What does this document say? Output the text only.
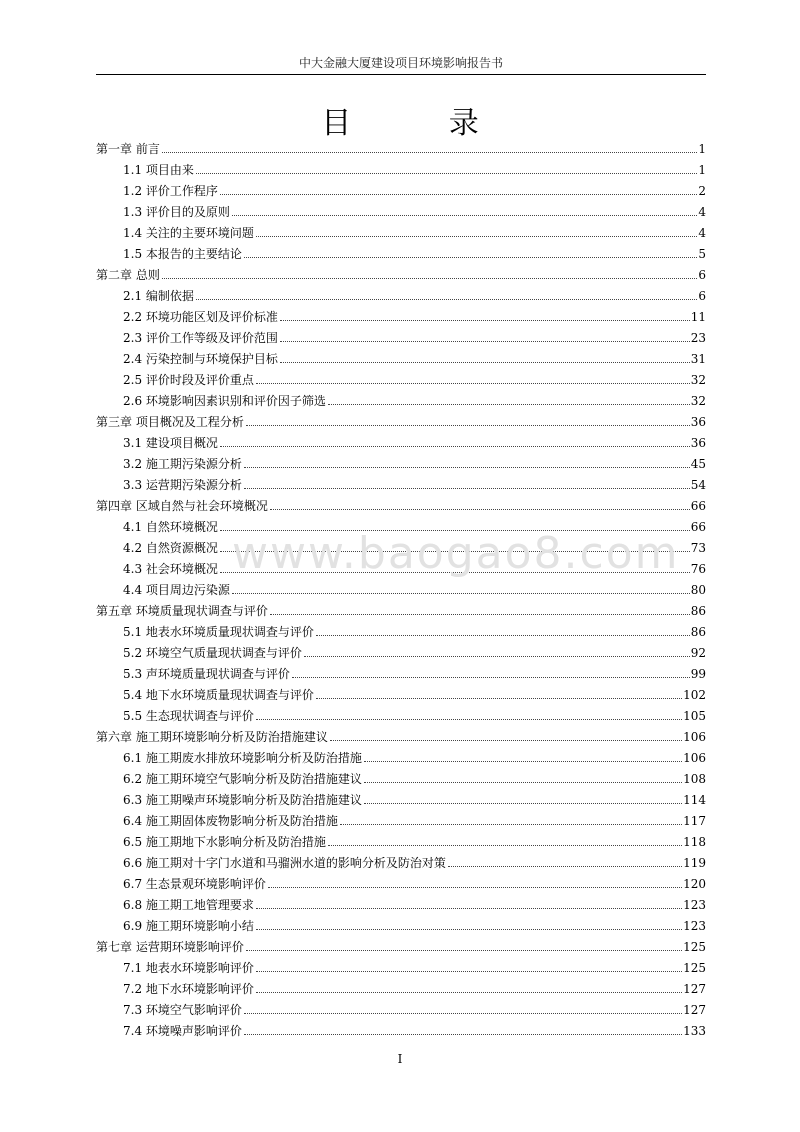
中大金融大厦建设项目环境影响报告书
目 录
第一章 前言	1
1.1 项目由来	1
1.2 评价工作程序	2
1.3 评价目的及原则	4
1.4 关注的主要环境问题	4
1.5 本报告的主要结论	5
第二章 总则	6
2.1 编制依据	6
2.2 环境功能区划及评价标准	11
2.3 评价工作等级及评价范围	23
2.4 污染控制与环境保护目标	31
2.5 评价时段及评价重点	32
2.6 环境影响因素识别和评价因子筛选	32
第三章 项目概况及工程分析	36
3.1 建设项目概况	36
3.2 施工期污染源分析	45
3.3 运营期污染源分析	54
第四章 区域自然与社会环境概况	66
4.1 自然环境概况	66
4.2 自然资源概况	73
4.3 社会环境概况	76
4.4 项目周边污染源	80
第五章 环境质量现状调查与评价	86
5.1 地表水环境质量现状调查与评价	86
5.2 环境空气质量现状调查与评价	92
5.3 声环境质量现状调查与评价	99
5.4 地下水环境质量现状调查与评价	102
5.5 生态现状调查与评价	105
第六章 施工期环境影响分析及防治措施建议	106
6.1 施工期废水排放环境影响分析及防治措施	106
6.2 施工期环境空气影响分析及防治措施建议	108
6.3 施工期噪声环境影响分析及防治措施建议	114
6.4 施工期固体废物影响分析及防治措施	117
6.5 施工期地下水影响分析及防治措施	118
6.6 施工期对十字门水道和马骝洲水道的影响分析及防治对策	119
6.7 生态景观环境影响评价	120
6.8 施工期工地管理要求	123
6.9 施工期环境影响小结	123
第七章 运营期环境影响评价	125
7.1 地表水环境影响评价	125
7.2 地下水环境影响评价	127
7.3 环境空气影响评价	127
7.4 环境噪声影响评价	133
www.baogao8.com
I
